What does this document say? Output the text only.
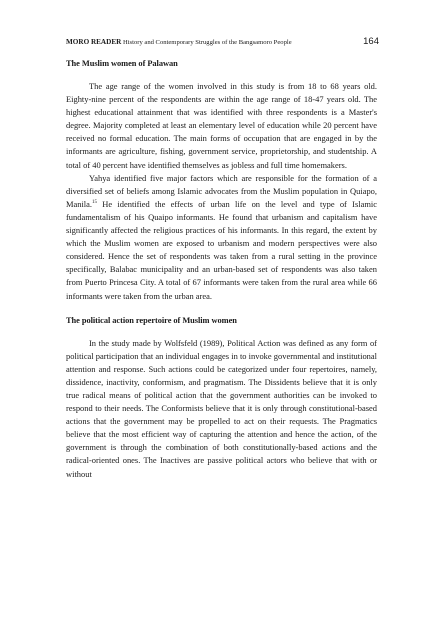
MORO READER History and Contemporary Struggles of the Bangsamoro People	164
The Muslim women of Palawan

The age range of the women involved in this study is from 18 to 68 years old. Eighty-nine percent of the respondents are within the age range of 18-47 years old. The highest educational attainment that was identified with three respondents is a Master's degree. Majority completed at least an elementary level of education while 20 percent have received no formal education. The main forms of occupation that are engaged in by the informants are agriculture, fishing, government service, proprietorship, and studentship. A total of 40 percent have identified themselves as jobless and full time homemakers.

Yahya identified five major factors which are responsible for the formation of a diversified set of beliefs among Islamic advocates from the Muslim population in Quiapo, Manila.$^{15}$ He identified the effects of urban life on the level and type of Islamic fundamentalism of his Quaipo informants. He found that urbanism and capitalism have significantly affected the religious practices of his informants. In this regard, the extent by which the Muslim women are exposed to urbanism and modern perspectives were also considered. Hence the set of respondents was taken from a rural setting in the province specifically, Balabac municipality and an urban-based set of respondents was also taken from Puerto Princesa City. A total of 67 informants were taken from the rural area while 66 informants were taken from the urban area.

The political action repertoire of Muslim women

In the study made by Wolfsfeld (1989), Political Action was defined as any form of political participation that an individual engages in to invoke governmental and institutional attention and response. Such actions could be categorized under four repertoires, namely, dissidence, inactivity, conformism, and pragmatism. The Dissidents believe that it is only true radical means of political action that the government authorities can be invoked to respond to their needs. The Conformists believe that it is only through constitutional-based actions that the government may be propelled to act on their requests. The Pragmatics believe that the most efficient way of capturing the attention and hence the action, of the government is through the combination of both constitutionally-based actions and the radical-oriented ones. The Inactives are passive political actors who believe that with or without
